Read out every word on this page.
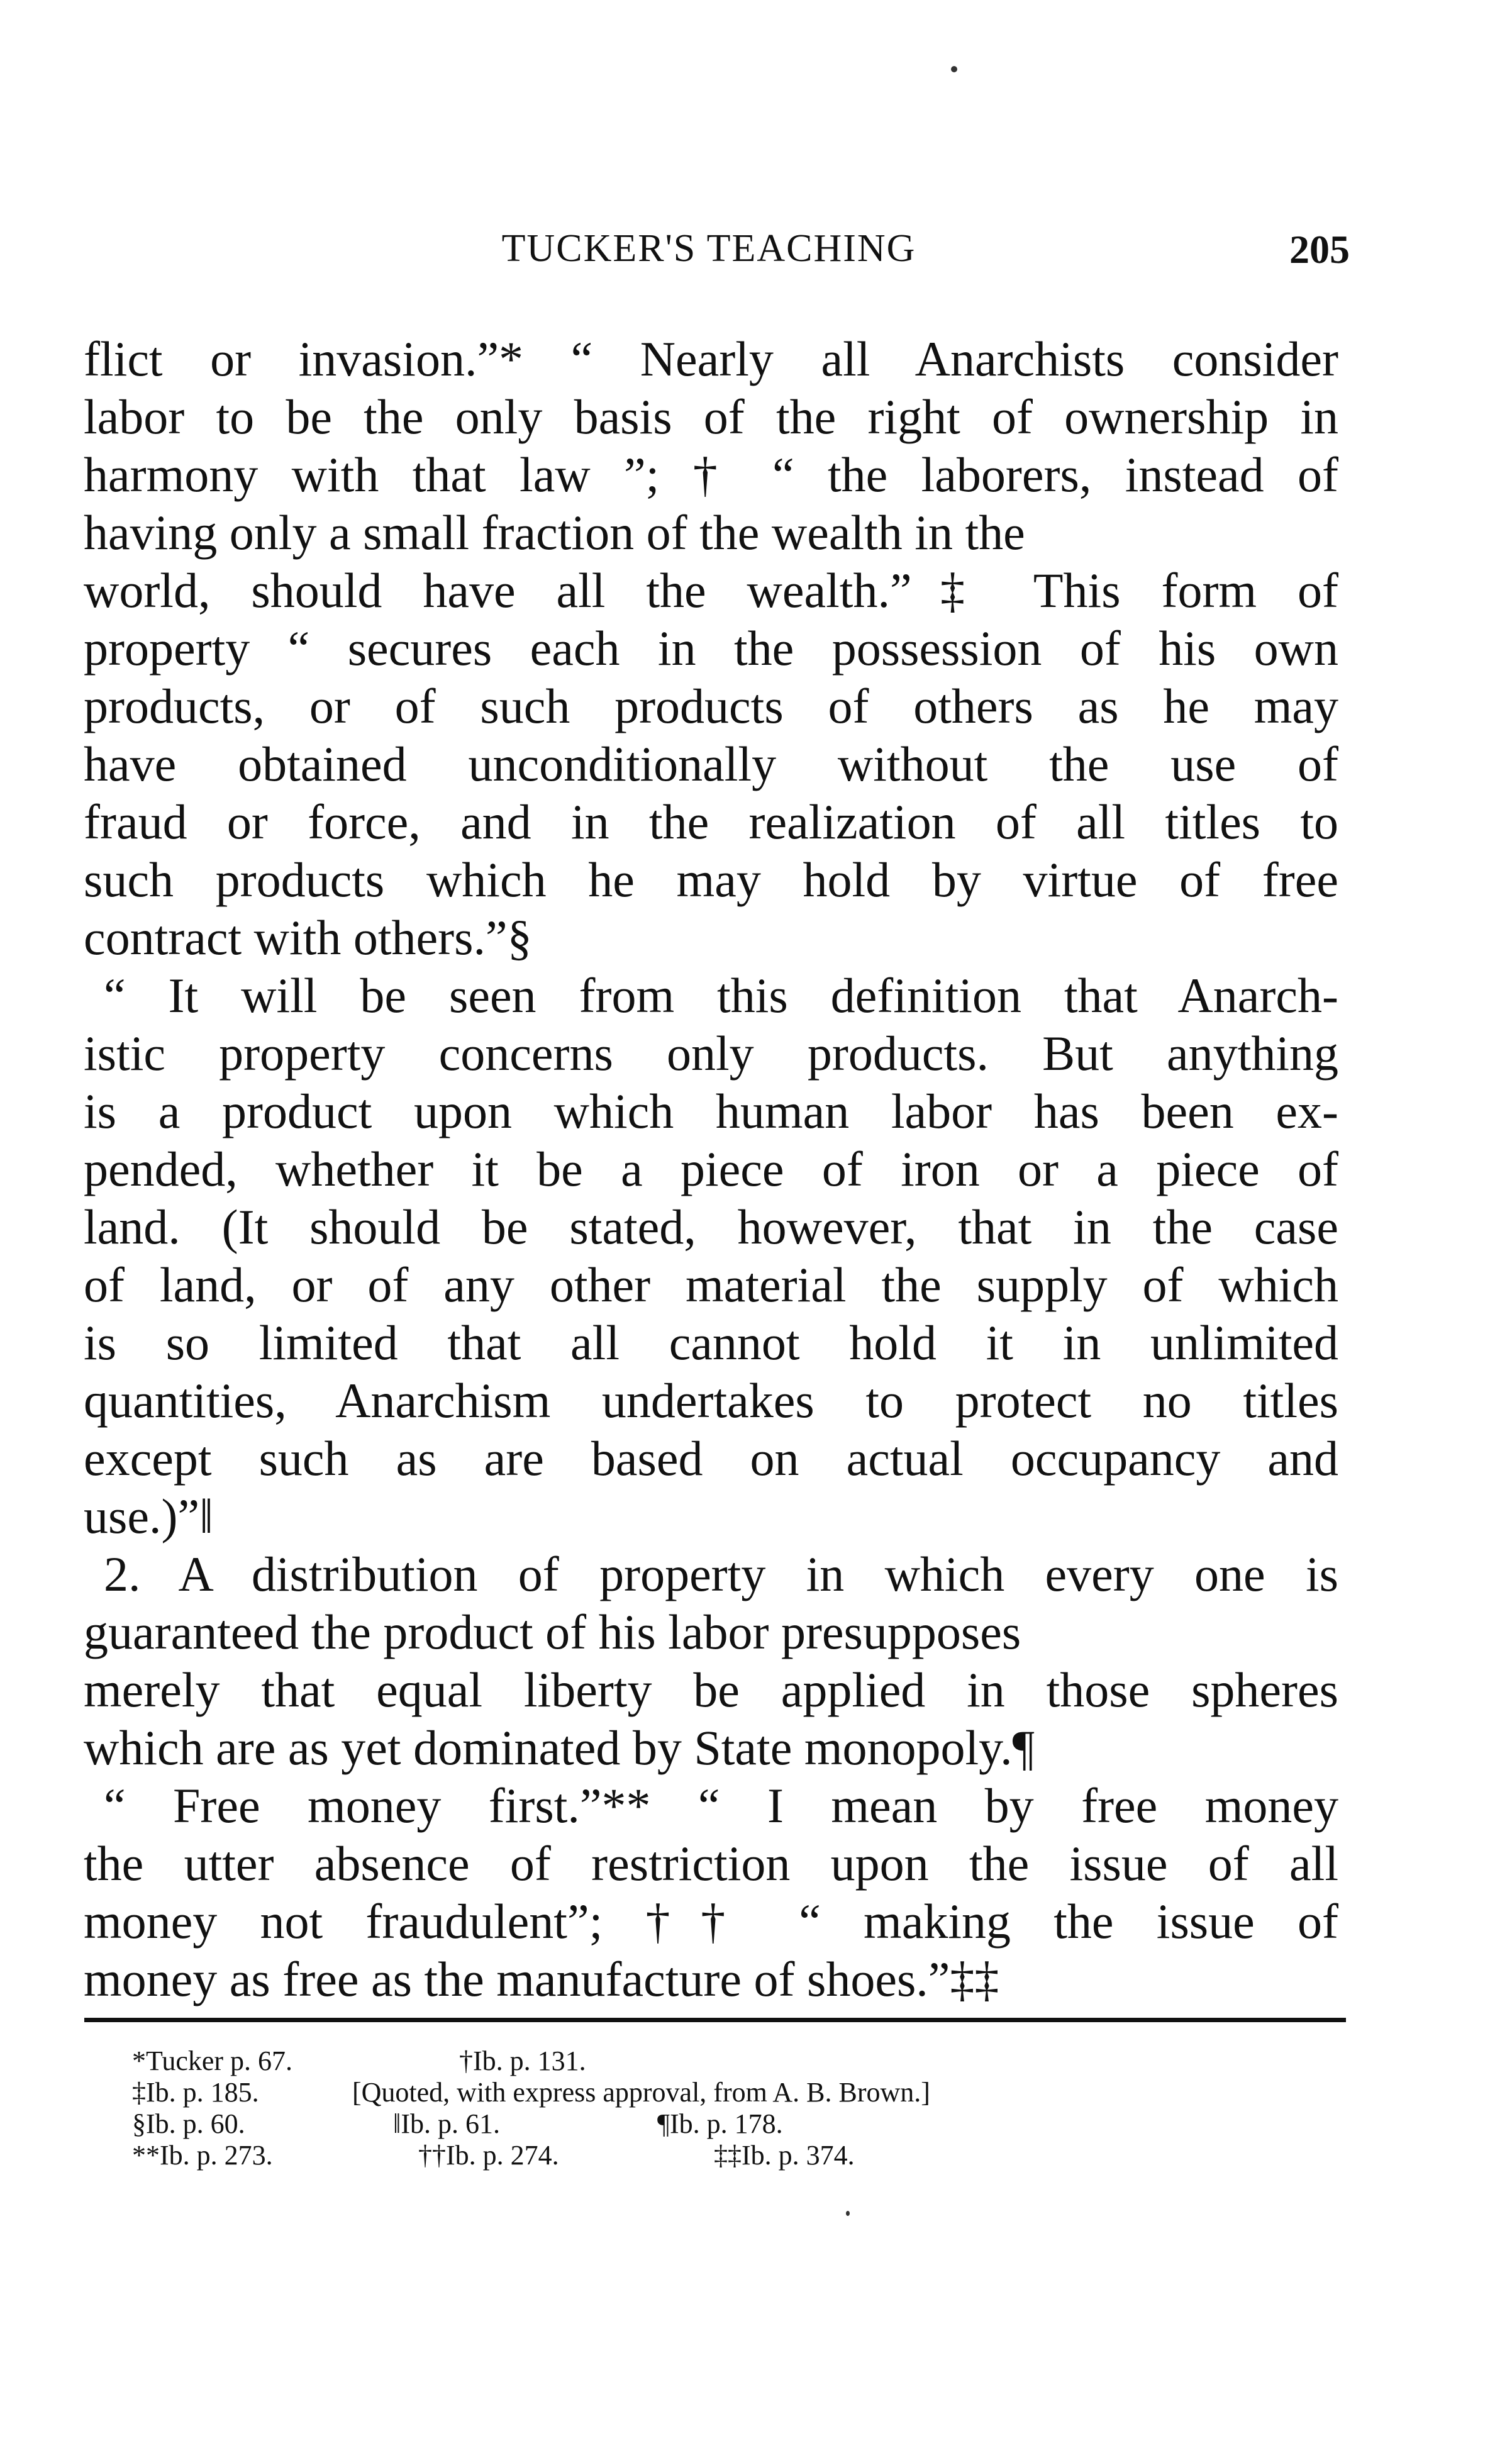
TUCKER'S TEACHING	205
flict or invasion.”* “ Nearly all Anarchists consider
labor to be the only basis of the right of ownership in
harmony with that law ”; † “ the laborers, instead of
having only a small fraction of the wealth in the
world, should have all the wealth.”‡ This form of
property “ secures each in the possession of his own
products, or of such products of others as he may
have obtained unconditionally without the use of
fraud or force, and in the realization of all titles to
such products which he may hold by virtue of free
contract with others.”§
“ It will be seen from this definition that Anarch-
istic property concerns only products. But anything
is a product upon which human labor has been ex-
pended, whether it be a piece of iron or a piece of
land. (It should be stated, however, that in the case
of land, or of any other material the supply of which
is so limited that all cannot hold it in unlimited
quantities, Anarchism undertakes to protect no titles
except such as are based on actual occupancy and
use.)”‖
2. A distribution of property in which every one is
guaranteed the product of his labor presupposes
merely that equal liberty be applied in those spheres
which are as yet dominated by State monopoly.¶
“ Free money first.”** “ I mean by free money
the utter absence of restriction upon the issue of all
money not fraudulent”; †† “ making the issue of
money as free as the manufacture of shoes.”‡‡
*Tucker p. 67.	†Ib. p. 131.
‡Ib. p. 185.	[Quoted, with express approval, from A. B. Brown.]
§Ib. p. 60.	‖Ib. p. 61.	¶Ib. p. 178.
**Ib. p. 273.	††Ib. p. 274.	‡‡Ib. p. 374.
